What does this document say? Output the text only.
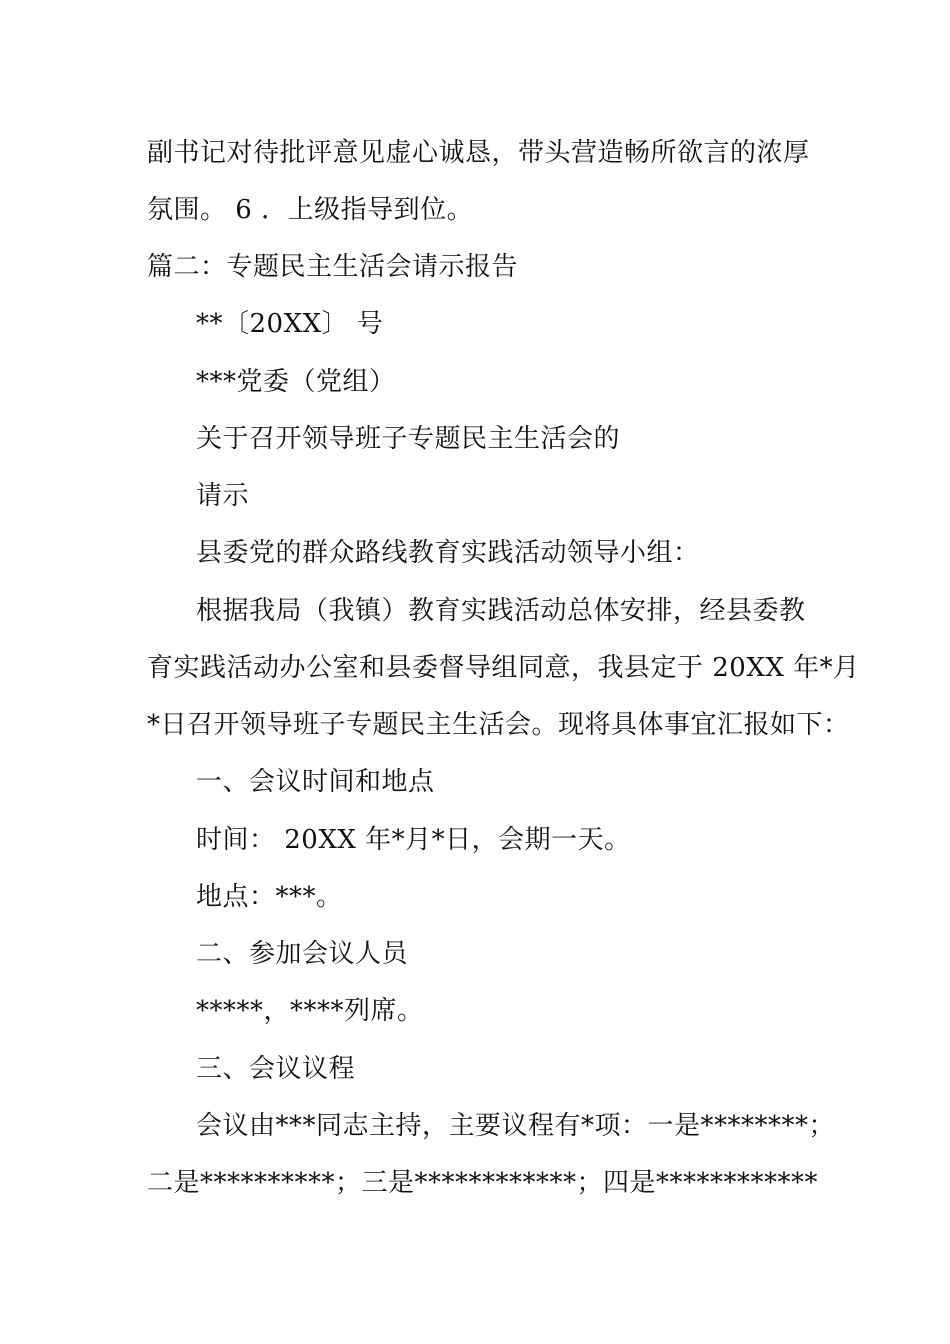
副书记对待批评意见虚心诚恳，带头营造畅所欲言的浓厚
氛围。 6 ．上级指导到位。
篇二：专题民主生活会请示报告
**〔20XX〕 号
***党委（党组）
关于召开领导班子专题民主生活会的
请示
县委党的群众路线教育实践活动领导小组：
根据我局（我镇）教育实践活动总体安排，经县委教
育实践活动办公室和县委督导组同意，我县定于 20XX 年*月
*日召开领导班子专题民主生活会。现将具体事宜汇报如下：
一、会议时间和地点
时间： 20XX 年*月*日，会期一天。
地点：***。
二、参加会议人员
*****，****列席。
三、会议议程
会议由***同志主持，主要议程有*项：一是********；
二是**********；三是************；四是************
